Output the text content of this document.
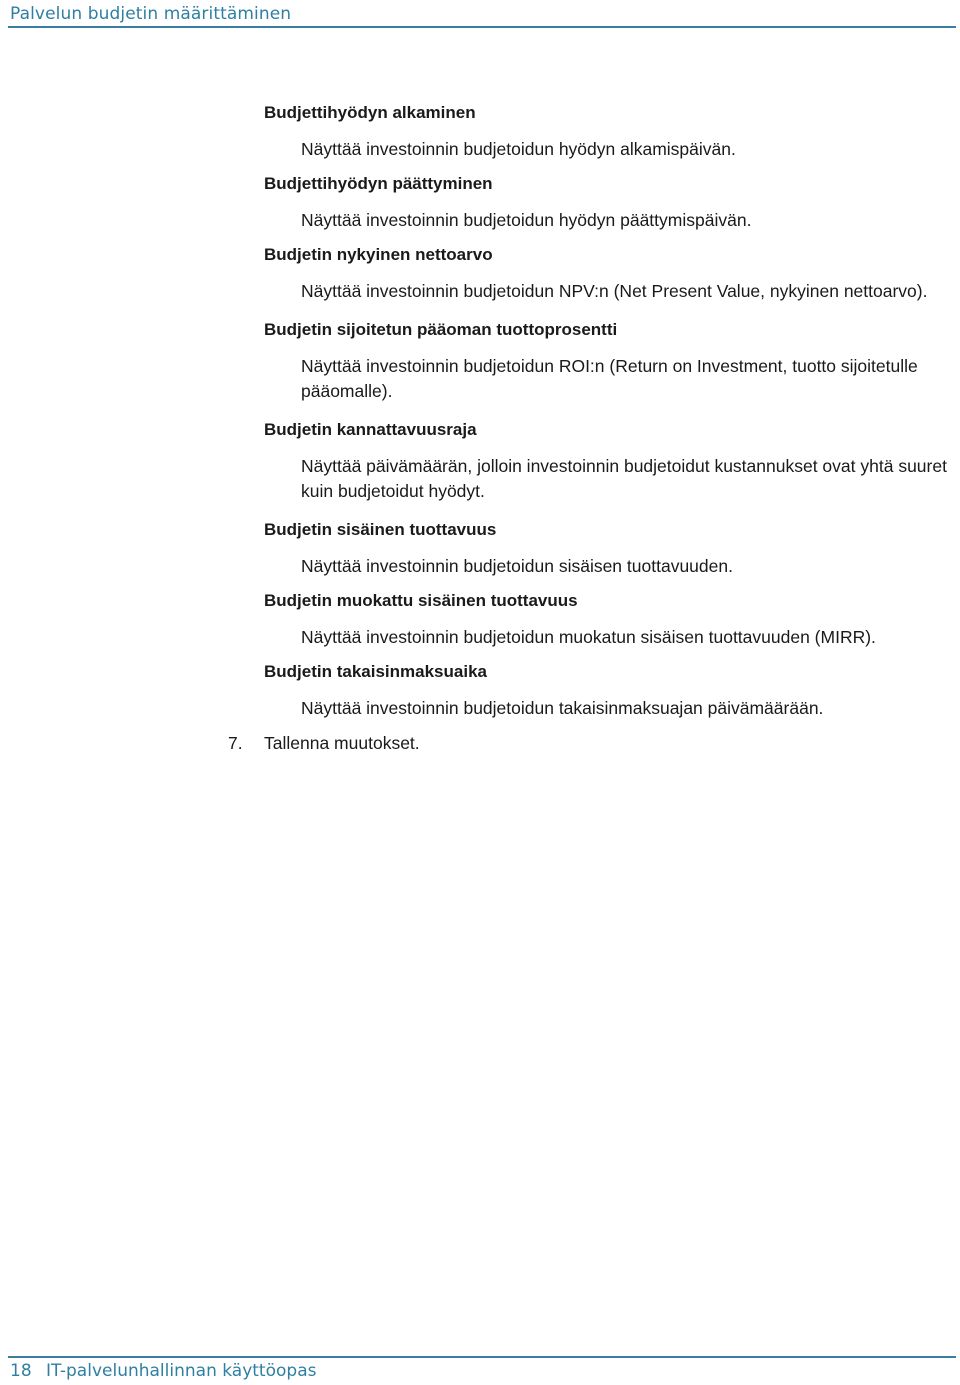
Palvelun budjetin määrittäminen
Budjettihyödyn alkaminen
Näyttää investoinnin budjetoidun hyödyn alkamispäivän.
Budjettihyödyn päättyminen
Näyttää investoinnin budjetoidun hyödyn päättymispäivän.
Budjetin nykyinen nettoarvo
Näyttää investoinnin budjetoidun NPV:n (Net Present Value, nykyinen nettoarvo).
Budjetin sijoitetun pääoman tuottoprosentti
Näyttää investoinnin budjetoidun ROI:n (Return on Investment, tuotto sijoitetulle pääomalle).
Budjetin kannattavuusraja
Näyttää päivämäärän, jolloin investoinnin budjetoidut kustannukset ovat yhtä suuret kuin budjetoidut hyödyt.
Budjetin sisäinen tuottavuus
Näyttää investoinnin budjetoidun sisäisen tuottavuuden.
Budjetin muokattu sisäinen tuottavuus
Näyttää investoinnin budjetoidun muokatun sisäisen tuottavuuden (MIRR).
Budjetin takaisinmaksuaika
Näyttää investoinnin budjetoidun takaisinmaksuajan päivämäärään.
7. Tallenna muutokset.
18 IT-palvelunhallinnan käyttöopas
